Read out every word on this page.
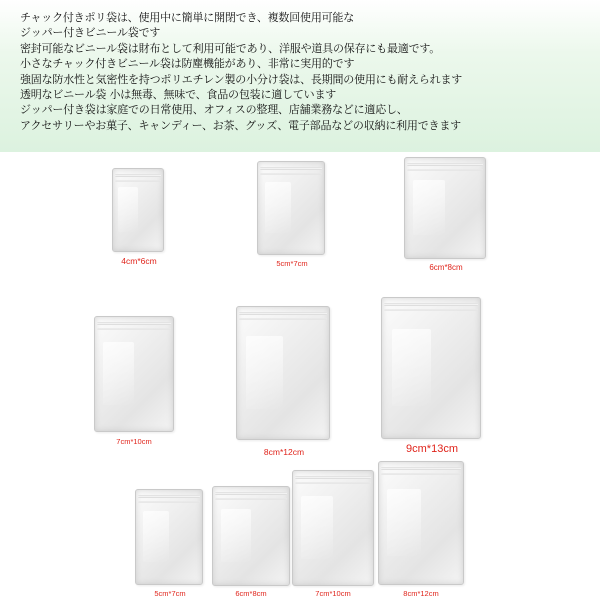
チャック付きポリ袋は、使用中に簡単に開閉でき、複数回使用可能な
ジッパー付きビニール袋です
密封可能なビニール袋は財布として利用可能であり、洋服や道具の保存にも最適です。
小さなチャック付きビニール袋は防塵機能があり、非常に実用的です
強固な防水性と気密性を持つポリエチレン製の小分け袋は、長期間の使用にも耐えられます
透明なビニール袋 小は無毒、無味で、食品の包装に適しています
ジッパー付き袋は家庭での日常使用、オフィスの整理、店舗業務などに適応し、
アクセサリーやお菓子、キャンディー、お茶、グッズ、電子部品などの収納に利用できます
4cm*6cm	5cm*7cm	6cm*8cm
7cm*10cm
8cm*12cm	9cm*13cm
5cm*7cm	6cm*8cm	7cm*10cm	8cm*12cm
